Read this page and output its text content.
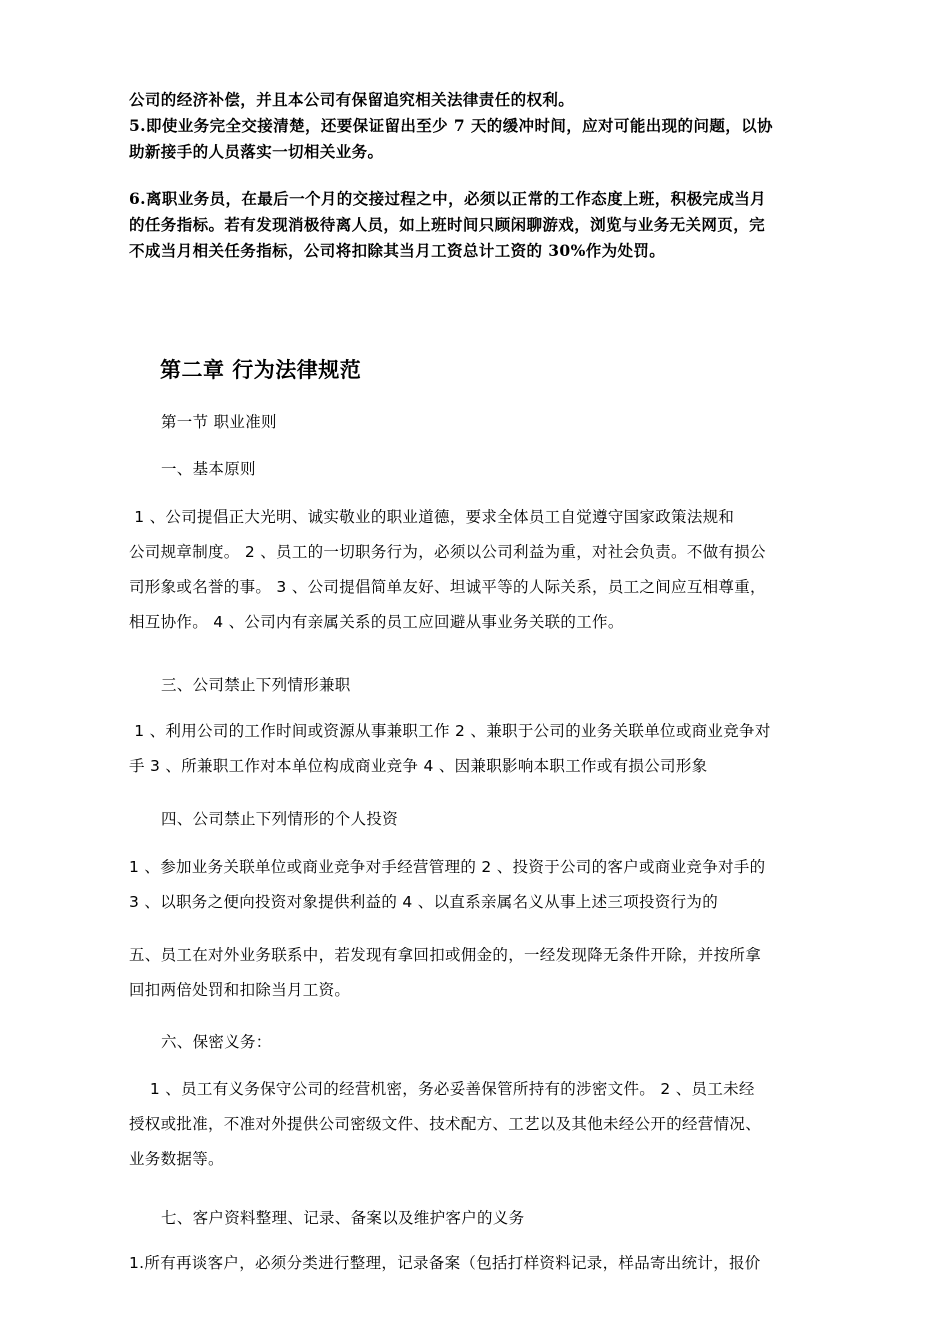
公司的经济补偿，并且本公司有保留追究相关法律责任的权利。
5.即使业务完全交接清楚，还要保证留出至少 7 天的缓冲时间，应对可能出现的问题，以协
助新接手的人员落实一切相关业务。
6.离职业务员，在最后一个月的交接过程之中，必须以正常的工作态度上班，积极完成当月
的任务指标。若有发现消极待离人员，如上班时间只顾闲聊游戏，浏览与业务无关网页，完
不成当月相关任务指标，公司将扣除其当月工资总计工资的 30%作为处罚。
第二章 行为法律规范
第一节 职业准则
一、基本原则
1 、公司提倡正大光明、诚实敬业的职业道德，要求全体员工自觉遵守国家政策法规和
公司规章制度。 2 、员工的一切职务行为，必须以公司利益为重，对社会负责。不做有损公
司形象或名誉的事。 3 、公司提倡简单友好、坦诚平等的人际关系，员工之间应互相尊重，
相互协作。 4 、公司内有亲属关系的员工应回避从事业务关联的工作。
三、公司禁止下列情形兼职
1 、利用公司的工作时间或资源从事兼职工作 2 、兼职于公司的业务关联单位或商业竞争对
手 3 、所兼职工作对本单位构成商业竞争 4 、因兼职影响本职工作或有损公司形象
四、公司禁止下列情形的个人投资
1 、参加业务关联单位或商业竞争对手经营管理的 2 、投资于公司的客户或商业竞争对手的
3 、以职务之便向投资对象提供利益的 4 、以直系亲属名义从事上述三项投资行为的
五、员工在对外业务联系中，若发现有拿回扣或佣金的，一经发现降无条件开除，并按所拿
回扣两倍处罚和扣除当月工资。
六、保密义务：
1 、员工有义务保守公司的经营机密，务必妥善保管所持有的涉密文件。 2 、员工未经
授权或批准，不准对外提供公司密级文件、技术配方、工艺以及其他未经公开的经营情况、
业务数据等。
七、客户资料整理、记录、备案以及维护客户的义务
1.所有再谈客户，必须分类进行整理，记录备案（包括打样资料记录，样品寄出统计，报价
